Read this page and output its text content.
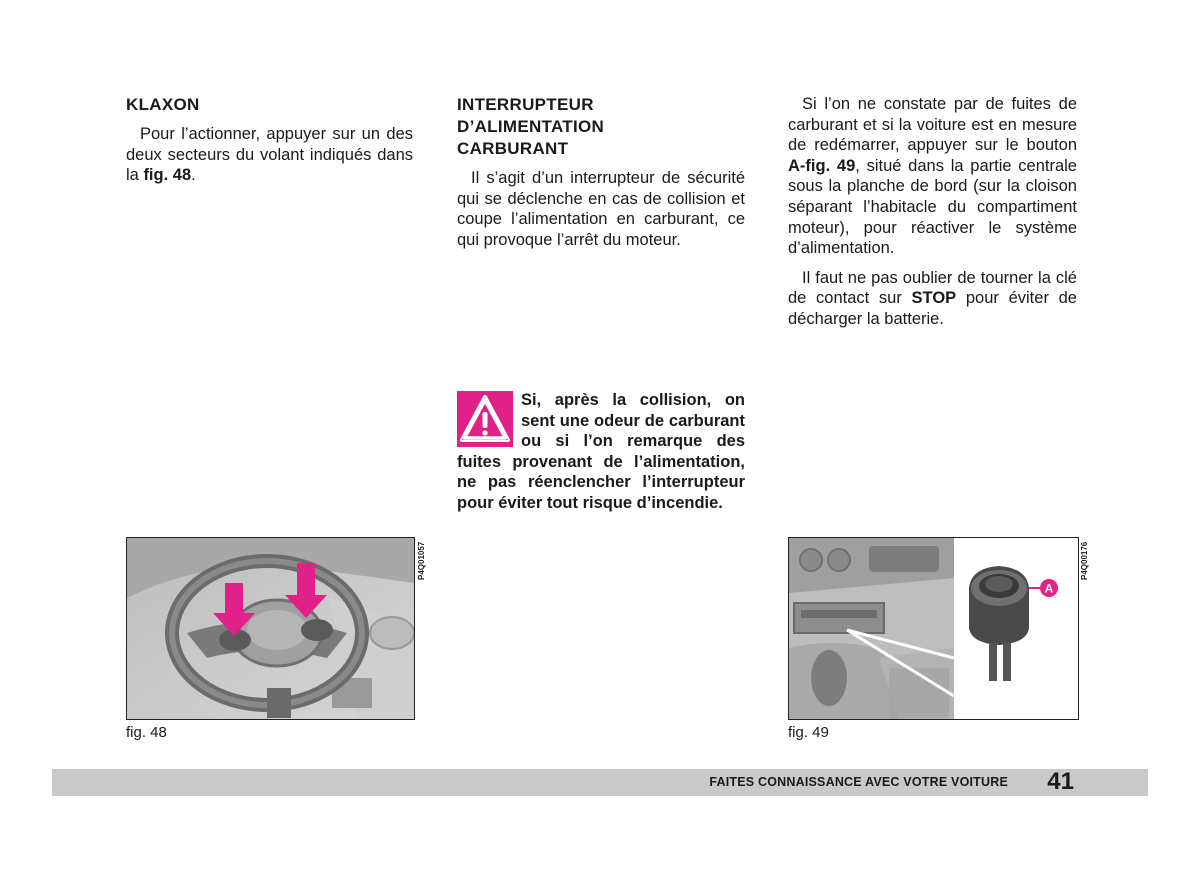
KLAXON

Pour l’actionner, appuyer sur un des deux secteurs du volant indiqués dans la fig. 48.

INTERRUPTEUR
D’ALIMENTATION
CARBURANT

Il s’agit d’un interrupteur de sécurité qui se déclenche en cas de collision et coupe l’alimentation en carburant, ce qui provoque l’arrêt du moteur.

Si, après la collision, on sent une odeur de carburant ou si l’on remarque des fuites provenant de l’alimentation, ne pas réenclencher l’interrupteur pour éviter tout risque d’incendie.

Si l’on ne constate par de fuites de carburant et si la voiture est en mesure de redémarrer, appuyer sur le bouton A-fig. 49, situé dans la partie centrale sous la planche de bord (sur la cloison séparant l’habitacle du compartiment moteur), pour réactiver le système d’alimentation.

Il faut ne pas oublier de tourner la clé de contact sur STOP pour éviter de décharger la batterie.

P4Q01057
fig. 48
A
P4Q00176
fig. 49
FAITES CONNAISSANCE AVEC VOTRE VOITURE 41
